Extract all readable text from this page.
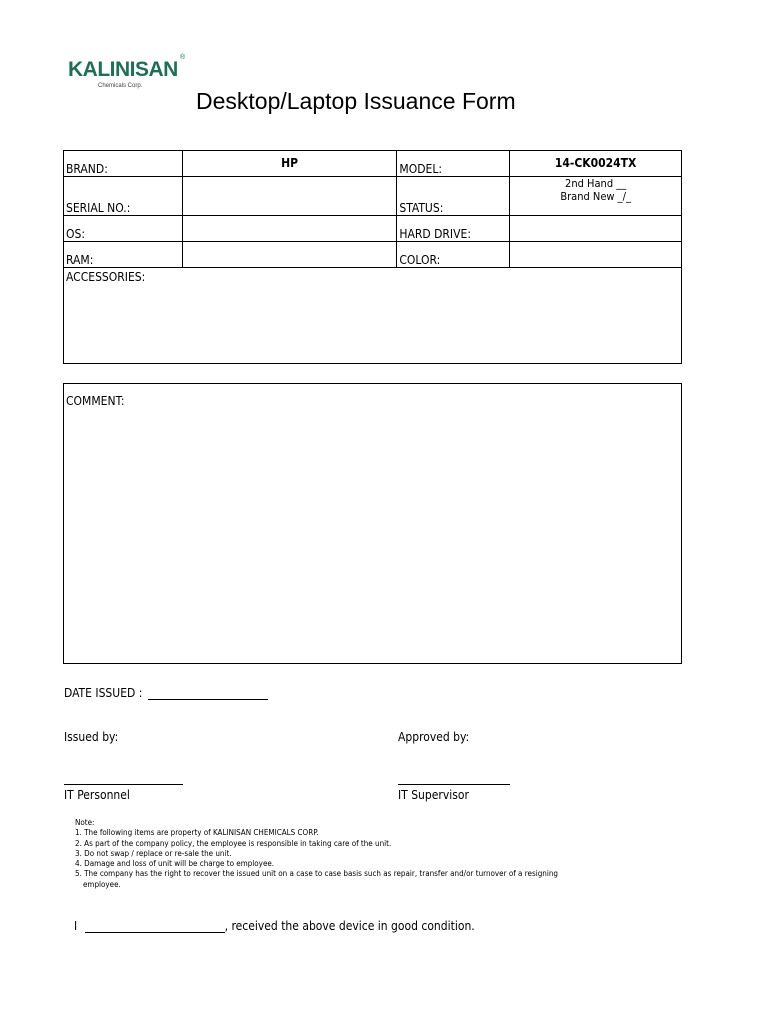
KALINISAN
®
Chemicals Corp.
Desktop/Laptop Issuance Form
BRAND:	HP	MODEL:	14-CK0024TX
SERIAL NO.:		STATUS:	2nd Hand __
Brand New _/_

OS:		HARD DRIVE:	
RAM:		COLOR:	
ACCESSORIES:
COMMENT:
DATE ISSUED :
Issued by:	Approved by:
IT Personnel	IT Supervisor
Note:
1. The following items are property of KALINISAN CHEMICALS CORP.
2. As part of the company policy, the employee is responsible in taking care of the unit.
3. Do not swap / replace or re-sale the unit.
4. Damage and loss of unit will be charge to employee.
5. The company has the right to recover the issued unit on a case to case basis such as repair, transfer and/or turnover of a resigning
employee.
I	, received the above device in good condition.
